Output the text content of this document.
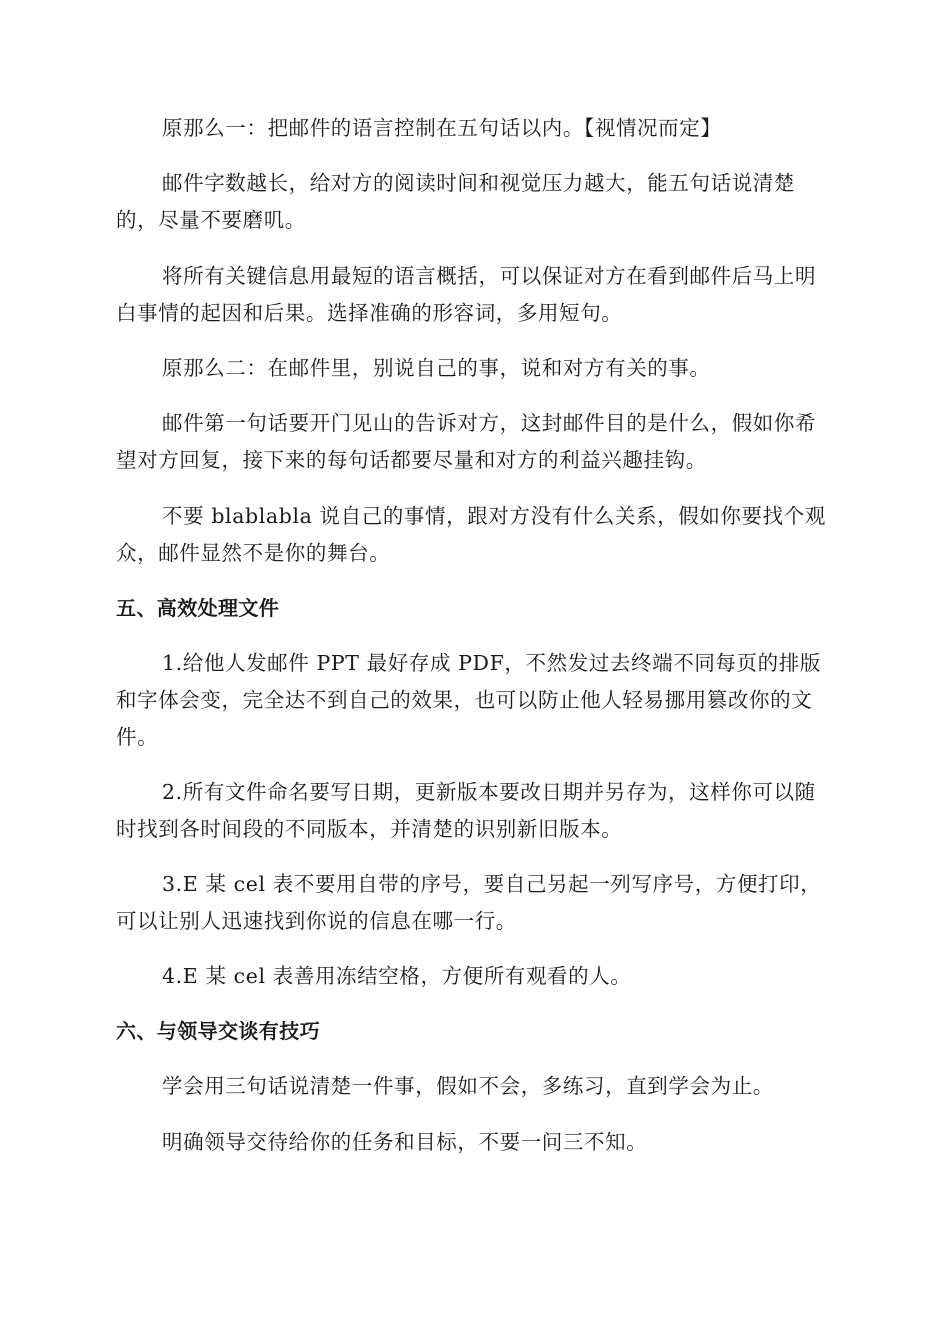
原那么一：把邮件的语言控制在五句话以内。【视情况而定】

邮件字数越长，给对方的阅读时间和视觉压力越大，能五句话说清楚的，尽量不要磨叽。

将所有关键信息用最短的语言概括，可以保证对方在看到邮件后马上明白事情的起因和后果。选择准确的形容词，多用短句。

原那么二：在邮件里，别说自己的事，说和对方有关的事。

邮件第一句话要开门见山的告诉对方，这封邮件目的是什么，假如你希望对方回复，接下来的每句话都要尽量和对方的利益兴趣挂钩。

不要 blablabla 说自己的事情，跟对方没有什么关系，假如你要找个观众，邮件显然不是你的舞台。

五、高效处理文件

1.给他人发邮件 PPT 最好存成 PDF，不然发过去终端不同每页的排版和字体会变，完全达不到自己的效果，也可以防止他人轻易挪用篡改你的文件。

2.所有文件命名要写日期，更新版本要改日期并另存为，这样你可以随时找到各时间段的不同版本，并清楚的识别新旧版本。

3.E 某 cel 表不要用自带的序号，要自己另起一列写序号，方便打印，可以让别人迅速找到你说的信息在哪一行。

4.E 某 cel 表善用冻结空格，方便所有观看的人。

六、与领导交谈有技巧

学会用三句话说清楚一件事，假如不会，多练习，直到学会为止。

明确领导交待给你的任务和目标，不要一问三不知。
